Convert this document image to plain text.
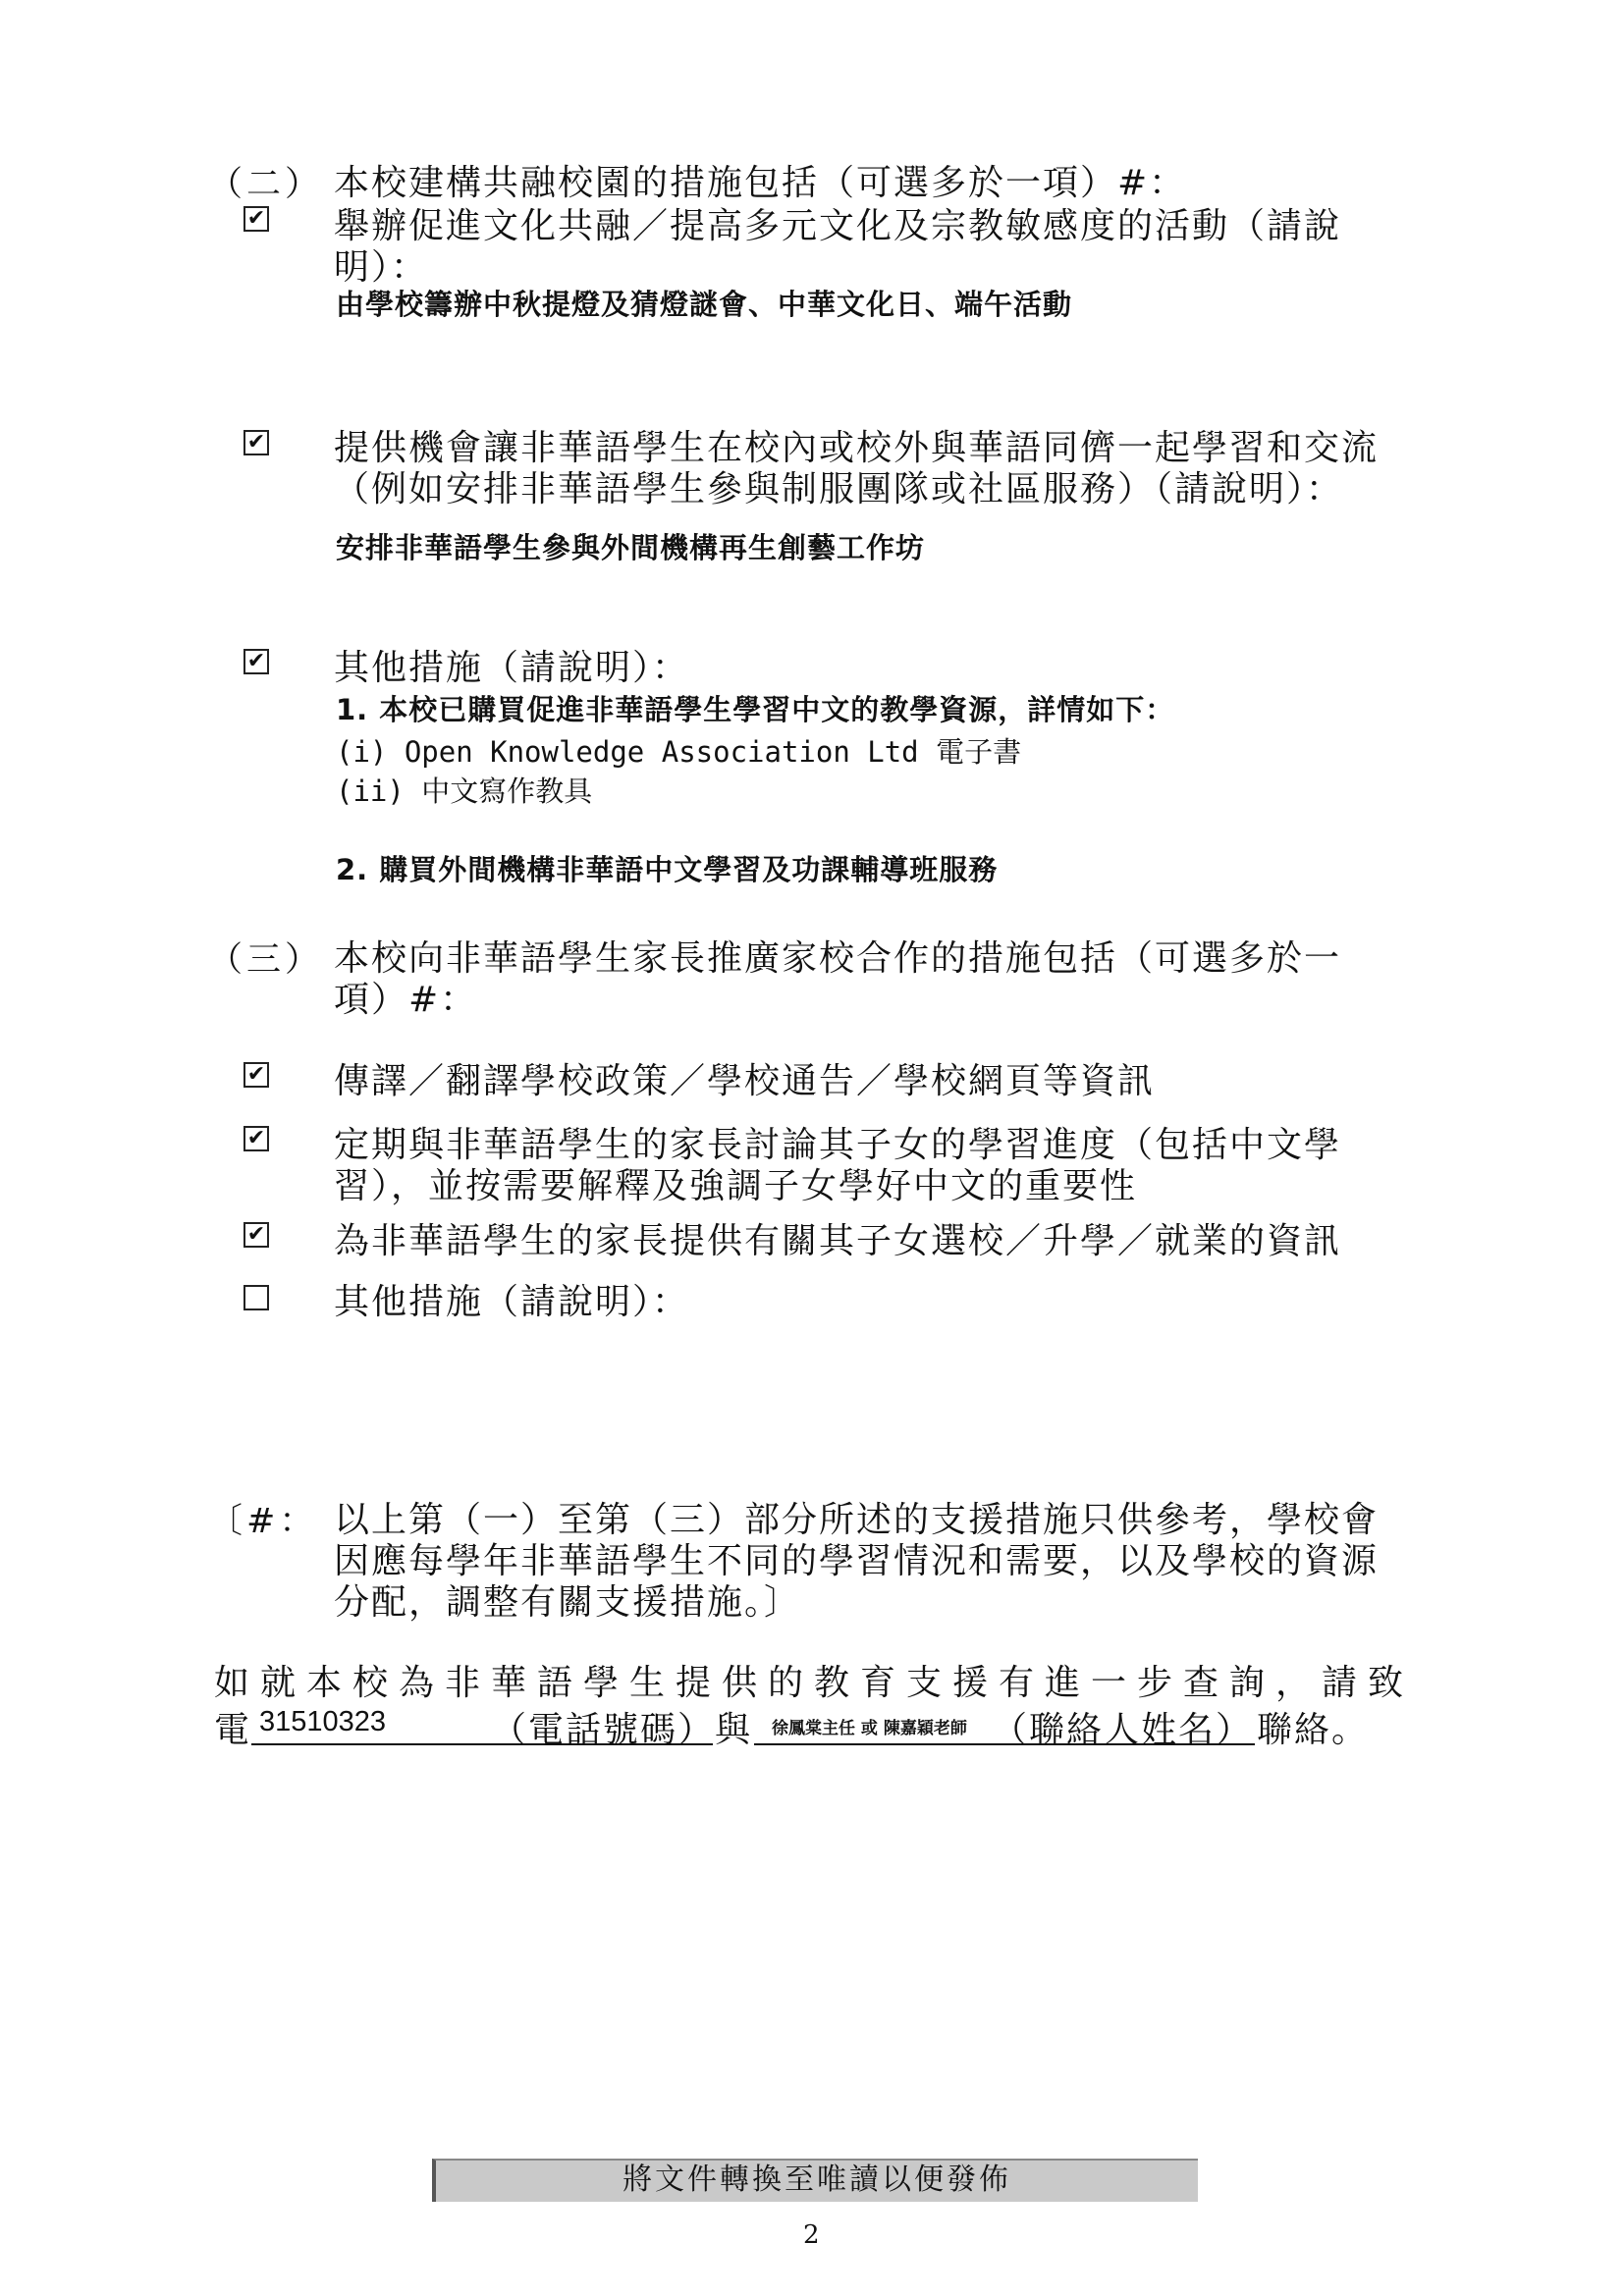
（二） 本校建構共融校園的措施包括（可選多於一項）#：
✔ 舉辦促進文化共融／提高多元文化及宗教敏感度的活動（請說
明）：
由學校籌辦中秋提燈及猜燈謎會、中華文化日、端午活動
✔ 提供機會讓非華語學生在校內或校外與華語同儕一起學習和交流
（例如安排非華語學生參與制服團隊或社區服務）（請說明）：
安排非華語學生參與外間機構再生創藝工作坊
✔ 其他措施（請說明）：
1. 本校已購買促進非華語學生學習中文的教學資源，詳情如下：
(i) Open Knowledge Association Ltd 電子書
(ii) 中文寫作教具
2. 購買外間機構非華語中文學習及功課輔導班服務
（三） 本校向非華語學生家長推廣家校合作的措施包括（可選多於一
項）#：
✔ 傳譯／翻譯學校政策／學校通告／學校網頁等資訊
✔ 定期與非華語學生的家長討論其子女的學習進度（包括中文學
習），並按需要解釋及強調子女學好中文的重要性
✔ 為非華語學生的家長提供有關其子女選校／升學／就業的資訊
其他措施（請說明）：
〔#： 以上第（一）至第（三）部分所述的支援措施只供參考，學校會
因應每學年非華語學生不同的學習情況和需要，以及學校的資源
分配，調整有關支援措施。〕
如就本校為非華語學生提供的教育支援有進一步查詢，請致
電 31510323	（電話號碼） 與 徐鳳棠主任 或 陳嘉穎老師 （聯絡人姓名） 聯絡。
將文件轉換至唯讀以便發佈
2
